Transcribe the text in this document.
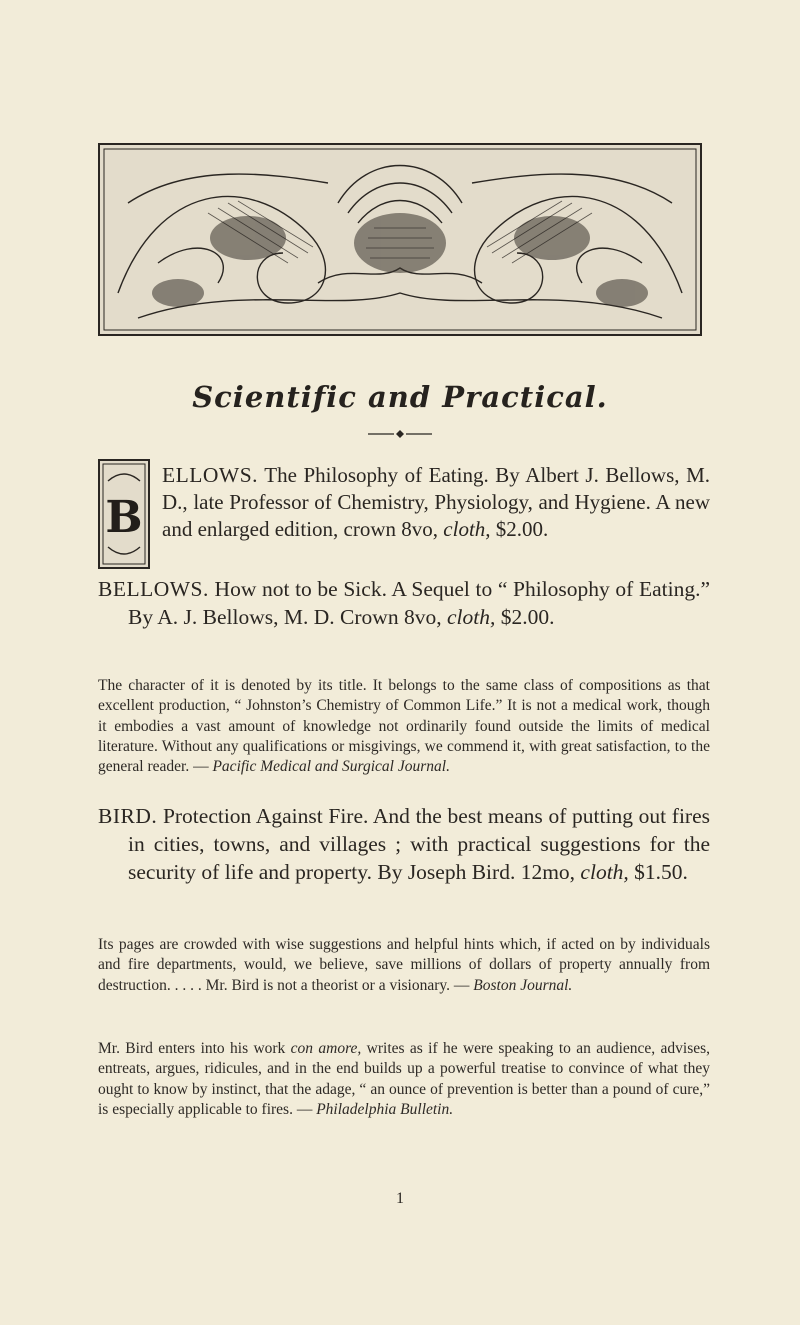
Scientific and Practical.
B

ELLOWS. The Philosophy of Eating. By Albert J. Bellows, M. D., late Professor of Chemistry, Physiology, and Hygiene. A new and enlarged edition, crown 8vo, cloth, $2.00.

BELLOWS. How not to be Sick. A Sequel to “ Philosophy of Eating.” By A. J. Bellows, M. D. Crown 8vo, cloth, $2.00.

The character of it is denoted by its title. It belongs to the same class of compositions as that excellent production, “ Johnston’s Chemistry of Common Life.” It is not a medical work, though it embodies a vast amount of knowledge not ordinarily found outside the limits of medical literature. Without any qualifications or misgivings, we commend it, with great satisfaction, to the general reader. — Pacific Medical and Surgical Journal.

BIRD. Protection Against Fire. And the best means of putting out fires in cities, towns, and villages ; with practical suggestions for the security of life and property. By Joseph Bird. 12mo, cloth, $1.50.

Its pages are crowded with wise suggestions and helpful hints which, if acted on by individuals and fire departments, would, we believe, save millions of dollars of property annually from destruction. . . . . Mr. Bird is not a theorist or a visionary. — Boston Journal.

Mr. Bird enters into his work con amore, writes as if he were speaking to an audience, advises, entreats, argues, ridicules, and in the end builds up a powerful treatise to convince of what they ought to know by instinct, that the adage, “ an ounce of prevention is better than a pound of cure,” is especially applicable to fires. — Philadelphia Bulletin.

1
